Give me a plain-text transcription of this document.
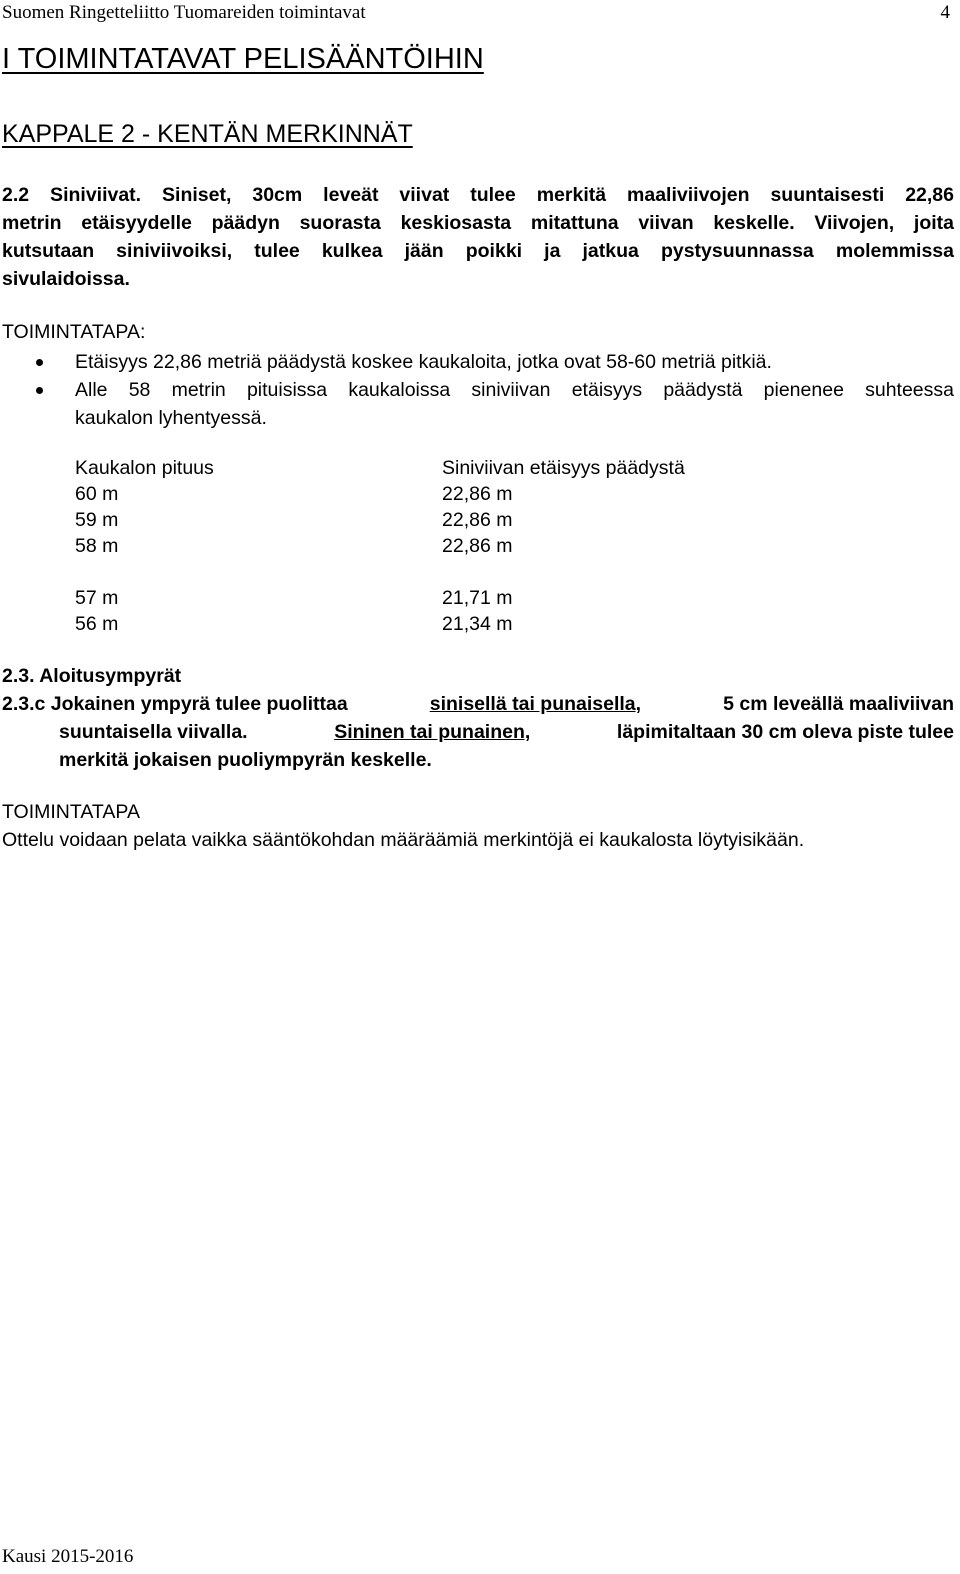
Suomen Ringetteliitto Tuomareiden toimintavat	4
I TOIMINTATAVAT PELISÄÄNTÖIHIN
KAPPALE 2 - KENTÄN MERKINNÄT
2.2 Siniviivat. Siniset, 30cm leveät viivat tulee merkitä maaliviivojen suuntaisesti 22,86
metrin etäisyydelle päädyn suorasta keskiosasta mitattuna viivan keskelle. Viivojen, joita
kutsutaan siniviivoiksi, tulee kulkea jään poikki ja jatkua pystysuunnassa molemmissa
sivulaidoissa.
TOIMINTATAPA:
Etäisyys 22,86 metriä päädystä koskee kaukaloita, jotka ovat 58-60 metriä pitkiä.
Alle 58 metrin pituisissa kaukaloissa siniviivan etäisyys päädystä pienenee suhteessa
kaukalon lyhentyessä.
Kaukalon pituus	Siniviivan etäisyys päädystä
60 m	22,86 m
59 m	22,86 m
58 m	22,86 m
57 m	21,71 m
56 m	21,34 m
2.3. Aloitusympyrät
2.3.c Jokainen ympyrä tulee puolittaa	sinisellä tai punaisella,	5 cm leveällä maaliviivan
suuntaisella viivalla.	Sininen tai punainen,	läpimitaltaan 30 cm oleva piste tulee
merkitä jokaisen puoliympyrän keskelle.
TOIMINTATAPA
Ottelu voidaan pelata vaikka sääntökohdan määräämiä merkintöjä ei kaukalosta löytyisikään.
Kausi 2015-2016
